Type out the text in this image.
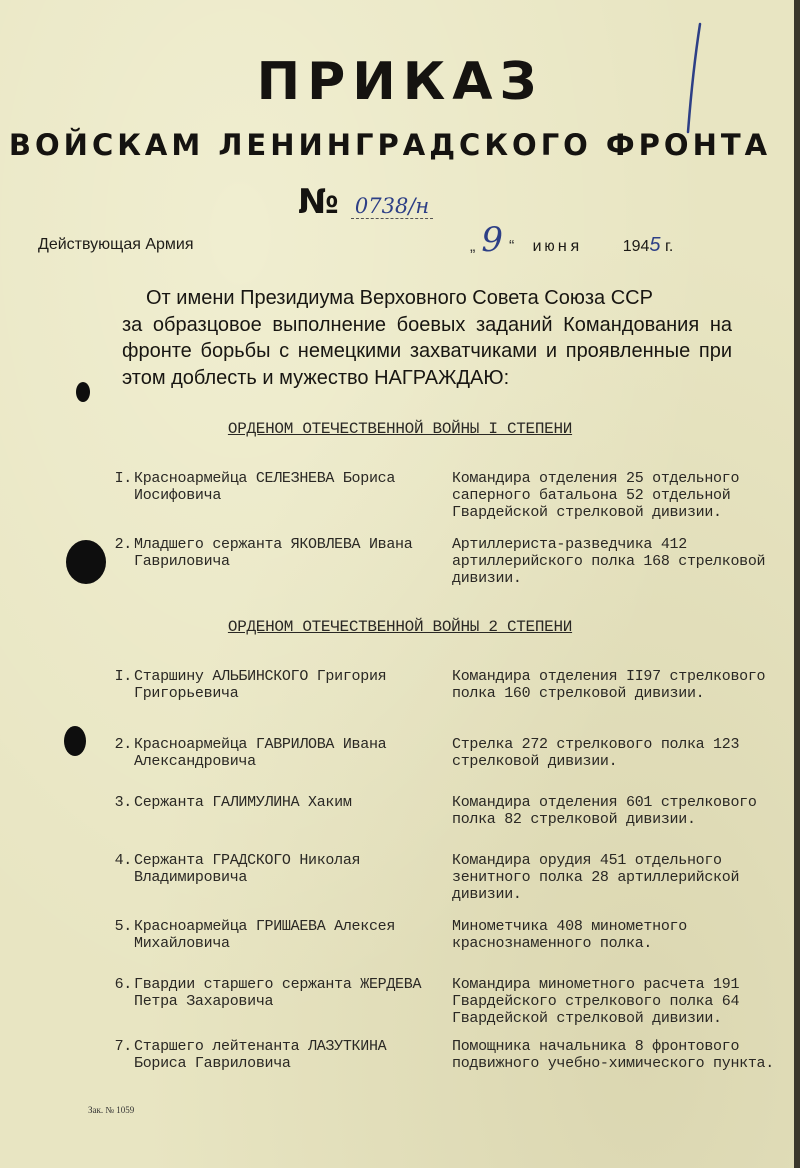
ПРИКАЗ
ВОЙСКАМ ЛЕНИНГРАДСКОГО ФРОНТА
№ 0738/н
Действующая Армия	„ 9 “ июня	1945 г.

От имени Президиума Верховного Совета Союза ССР

за образцовое выполнение боевых заданий Командования на фронте борьбы с немецкими захватчиками и проявленные при этом доблесть и мужество НАГРАЖДАЮ:

ОРДЕНОМ ОТЕЧЕСТВЕННОЙ ВОЙНЫ I СТЕПЕНИ
I. Красноармейца СЕЛЕЗНЕВА Бориса Иосифовича
Командира отделения 25 отдельного саперного батальона 52 отдельной Гвардейской стрелковой дивизии.
2. Младшего сержанта ЯКОВЛЕВА Ивана Гавриловича
Артиллериста-разведчика 412 артиллерийского полка 168 стрелковой дивизии.
ОРДЕНОМ ОТЕЧЕСТВЕННОЙ ВОЙНЫ 2 СТЕПЕНИ
I. Старшину АЛЬБИНСКОГО Григория Григорьевича
Командира отделения II97 стрелкового полка 160 стрелковой дивизии.
2. Красноармейца ГАВРИЛОВА Ивана Александровича
Стрелка 272 стрелкового полка 123 стрелковой дивизии.
3. Сержанта ГАЛИМУЛИНА Хаким	Командира отделения 601 стрелкового полка 82 стрелковой дивизии.
4. Сержанта ГРАДСКОГО Николая Владимировича
Командира орудия 451 отдельного зенитного полка 28 артиллерийской дивизии.
5. Красноармейца ГРИШАЕВА Алексея Михайловича
Минометчика 408 минометного краснознаменного полка.
6. Гвардии старшего сержанта ЖЕРДЕВА Петра Захаровича
Командира минометного расчета 191 Гвардейского стрелкового полка 64 Гвардейской стрелковой дивизии.
7. Старшего лейтенанта ЛАЗУТКИНА Бориса Гавриловича
Помощника начальника 8 фронтового подвижного учебно-химического пункта.
Зак. № 1059
